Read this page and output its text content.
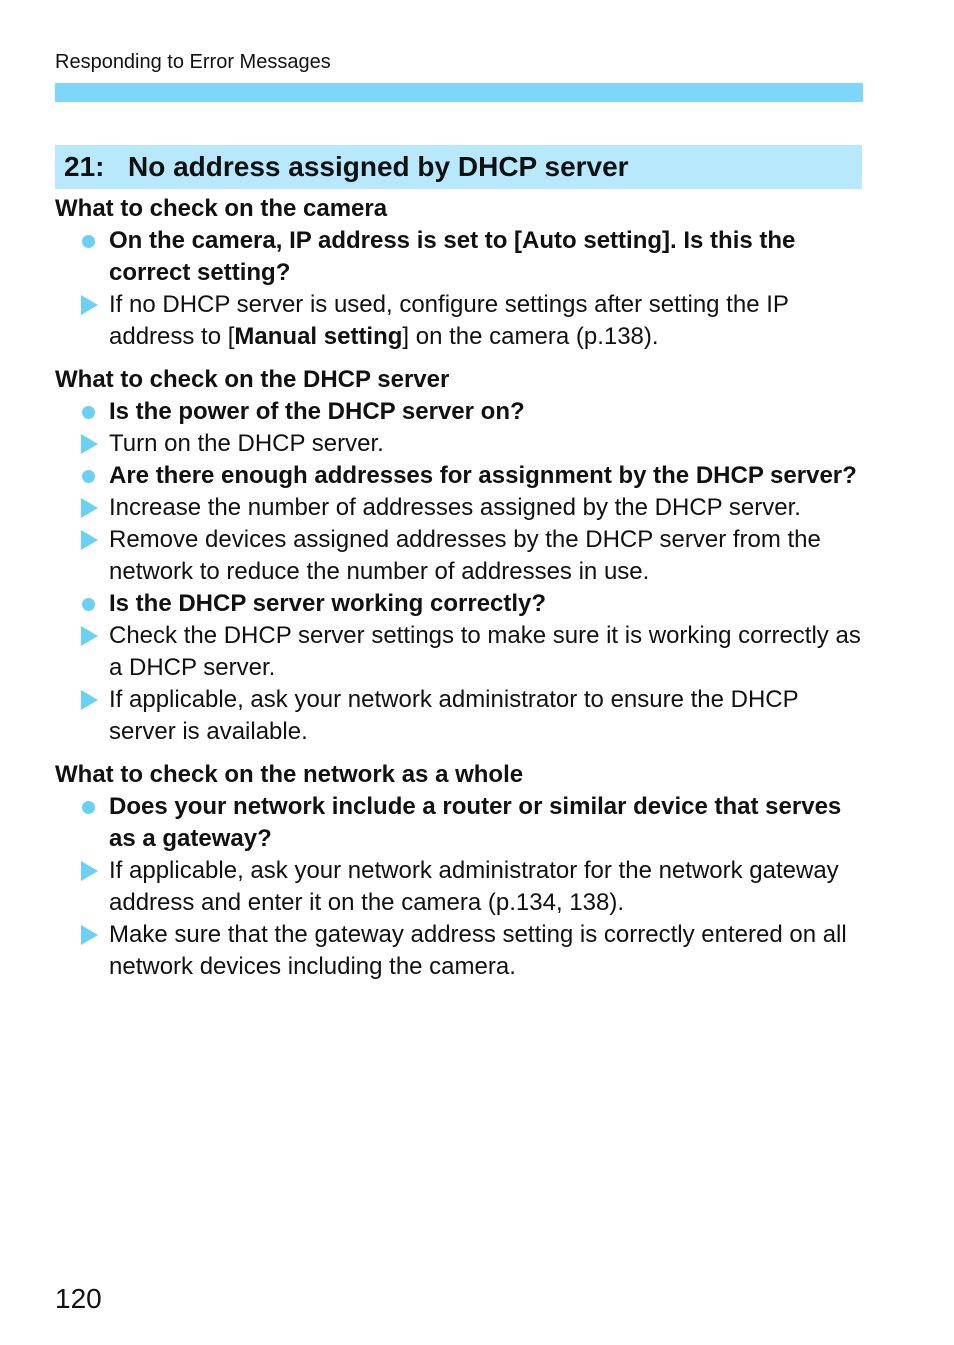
Responding to Error Messages
21: No address assigned by DHCP server

What to check on the camera

On the camera, IP address is set to [Auto setting]. Is this the correct setting?
If no DHCP server is used, configure settings after setting the IP address to [Manual setting] on the camera (p.138).

What to check on the DHCP server

Is the power of the DHCP server on?
Turn on the DHCP server.
Are there enough addresses for assignment by the DHCP server?
Increase the number of addresses assigned by the DHCP server.
Remove devices assigned addresses by the DHCP server from the network to reduce the number of addresses in use.
Is the DHCP server working correctly?
Check the DHCP server settings to make sure it is working correctly as a DHCP server.
If applicable, ask your network administrator to ensure the DHCP server is available.

What to check on the network as a whole

Does your network include a router or similar device that serves as a gateway?
If applicable, ask your network administrator for the network gateway address and enter it on the camera (p.134, 138).
Make sure that the gateway address setting is correctly entered on all network devices including the camera.
120
